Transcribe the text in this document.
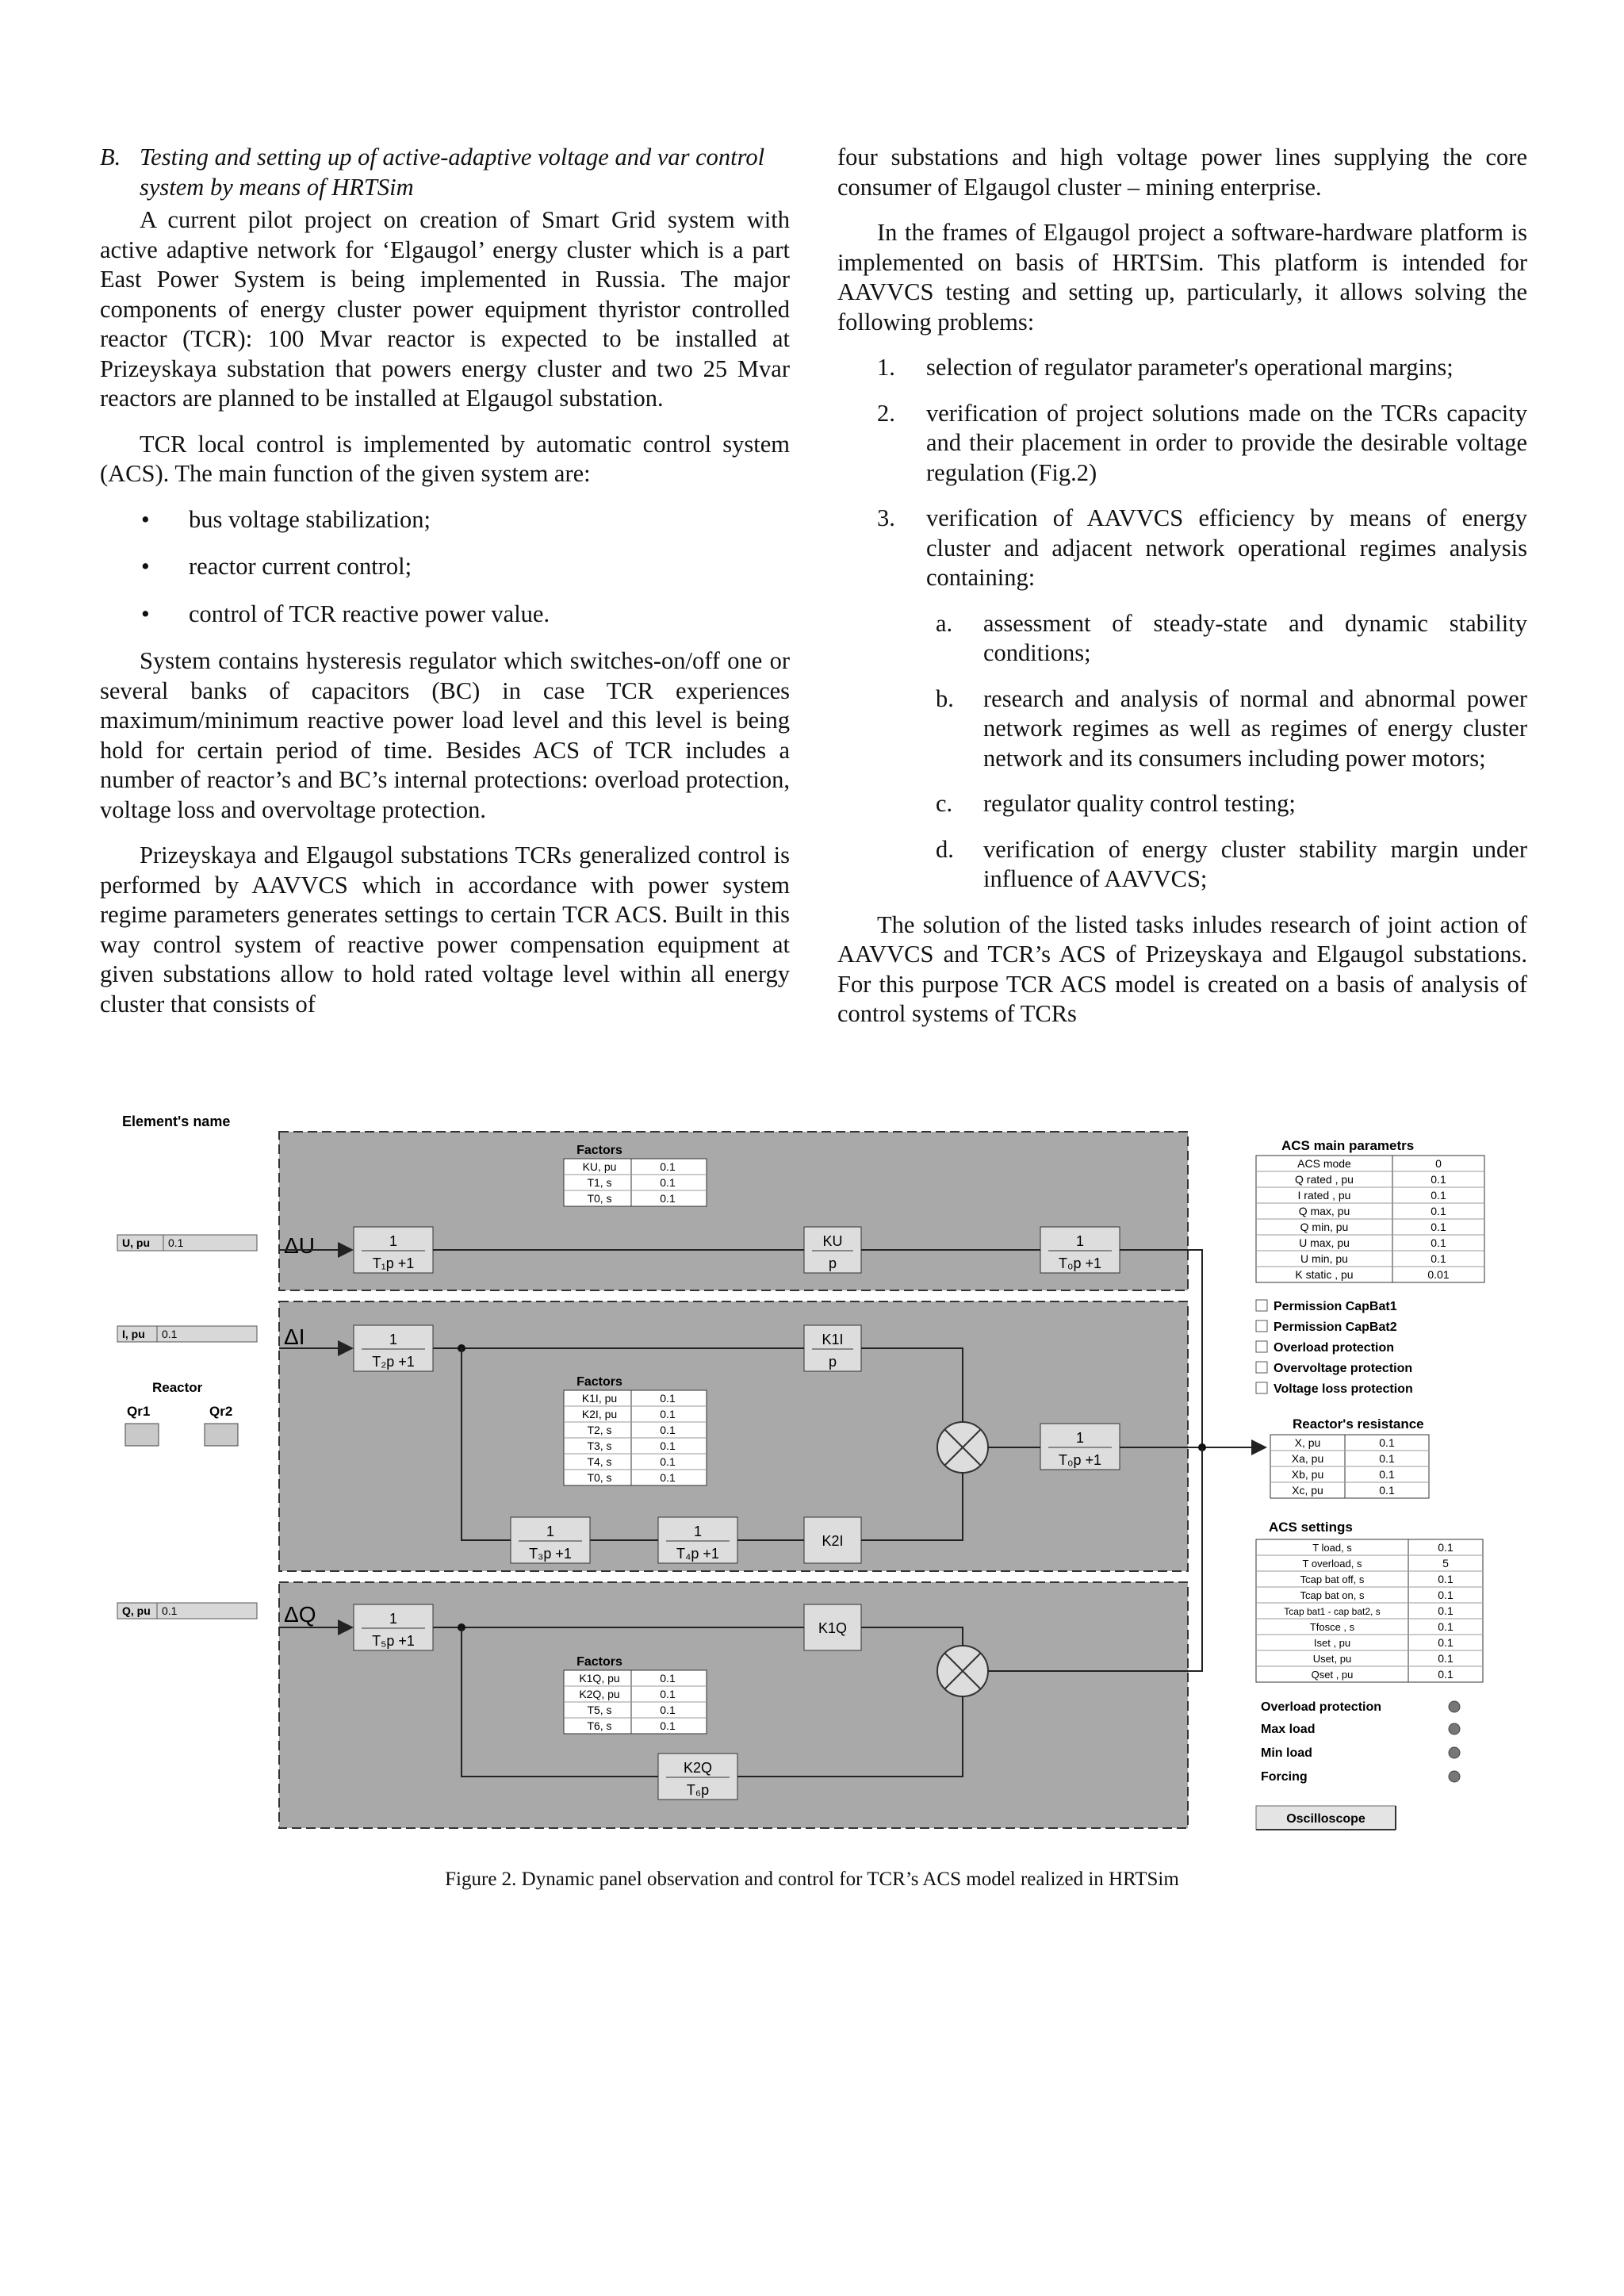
B. Testing and setting up of active-adaptive voltage and var control system by means of HRTSim

A current pilot project on creation of Smart Grid system with active adaptive network for ‘Elgaugol’ energy cluster which is a part East Power System is being implemented in Russia. The major components of energy cluster power equipment thyristor controlled reactor (TCR): 100 Mvar reactor is expected to be installed at Prizeyskaya substation that powers energy cluster and two 25 Mvar reactors are planned to be installed at Elgaugol substation.

TCR local control is implemented by automatic control system (ACS). The main function of the given system are:

• bus voltage stabilization;
• reactor current control;
• control of TCR reactive power value.

System contains hysteresis regulator which switches-on/off one or several banks of capacitors (BC) in case TCR experiences maximum/minimum reactive power load level and this level is being hold for certain period of time. Besides ACS of TCR includes a number of reactor’s and BC’s internal protections: overload protection, voltage loss and overvoltage protection.

Prizeyskaya and Elgaugol substations TCRs generalized control is performed by AAVVCS which in accordance with power system regime parameters generates settings to certain TCR ACS. Built in this way control system of reactive power compensation equipment at given substations allow to hold rated voltage level within all energy cluster that consists of

four substations and high voltage power lines supplying the core consumer of Elgaugol cluster – mining enterprise.

In the frames of Elgaugol project a software-hardware platform is implemented on basis of HRTSim. This platform is intended for AAVVCS testing and setting up, particularly, it allows solving the following problems:

1. selection of regulator parameter's operational margins;
2. verification of project solutions made on the TCRs capacity and their placement in order to provide the desirable voltage regulation (Fig.2)
3. verification of AAVVCS efficiency by means of energy cluster and adjacent network operational regimes analysis containing:
a. assessment of steady-state and dynamic stability conditions;
b. research and analysis of normal and abnormal power network regimes as well as regimes of energy cluster network and its consumers including power motors;
c. regulator quality control testing;
d. verification of energy cluster stability margin under influence of AAVVCS;

The solution of the listed tasks inludes research of joint action of AAVVCS and TCR’s ACS of Prizeyskaya and Elgaugol substations. For this purpose TCR ACS model is created on a basis of analysis of control systems of TCRs

Element's name
U, pu 0.1
I, pu 0.1
Q, pu 0.1
ΔU
ΔI
ΔQ
Reactor
Qr1	Qr2
Factors
KU, pu	0.1
T1, s	0.1
T0, s	0.1
1
T₁p +1
KU
p
1
T₀p +1
1
T₂p +1
K1I
p
Factors
K1I, pu	0.1
K2I, pu	0.1
T2, s	0.1
T3, s	0.1
T4, s	0.1
T0, s	0.1
1
T₃p +1
1
T₄p +1
K2I
1
T₀p +1
1
T₅p +1
K1Q
Factors
K1Q, pu	0.1
K2Q, pu	0.1
T5, s	0.1
T6, s	0.1
K2Q
T₆p
ACS main parametrs
ACS mode	0
Q rated , pu	0.1
I rated , pu	0.1
Q max, pu	0.1
Q min, pu	0.1
U max, pu	0.1
U min, pu	0.1
K static , pu	0.01
Permission CapBat1
Permission CapBat2
Overload protection
Overvoltage protection
Voltage loss protection
Reactor's resistance
X, pu	0.1
Xa, pu	0.1
Xb, pu	0.1
Xc, pu	0.1
ACS settings
T load, s	0.1
T overload, s	5
Tcap bat off, s	0.1
Tcap bat on, s	0.1
Tcap bat1 - cap bat2, s	0.1
Tfosce , s	0.1
Iset , pu	0.1
Uset, pu	0.1
Qset , pu	0.1
Overload protection
Max load
Min load
Forcing
Oscilloscope
Figure 2. Dynamic panel observation and control for TCR’s ACS model realized in HRTSim
